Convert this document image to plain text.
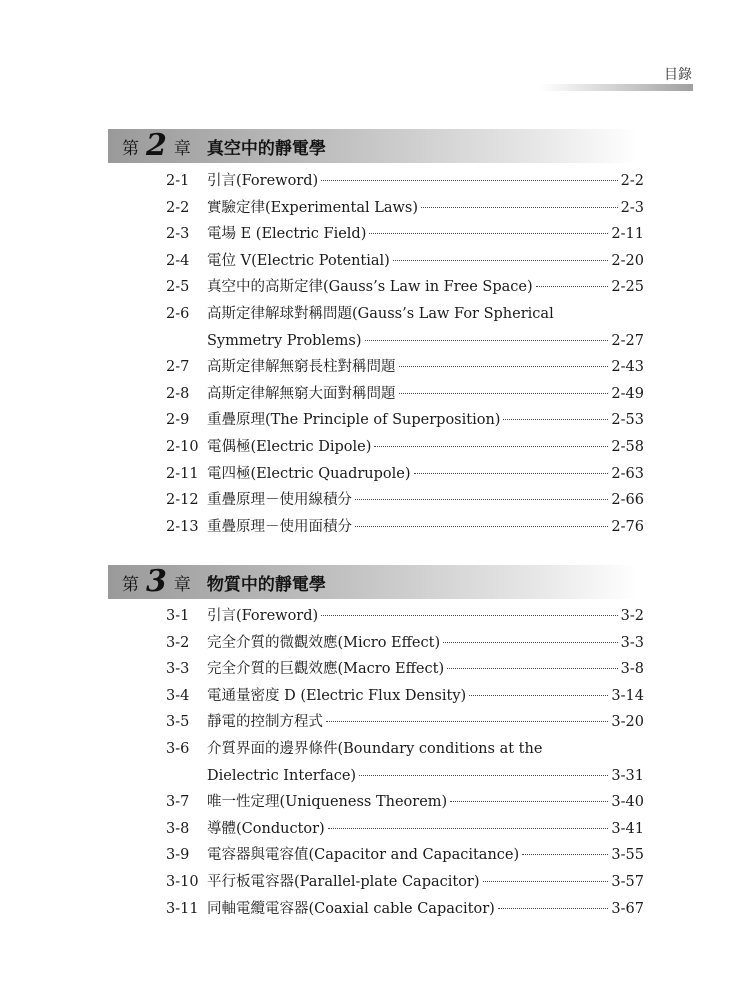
目錄
第 2 章 真空中的靜電學
2-1	引言(Foreword)	2-2
2-2	實驗定律(Experimental Laws)	2-3
2-3	電場 E (Electric Field)	2-11
2-4	電位 V(Electric Potential)	2-20
2-5	真空中的高斯定律(Gauss’s Law in Free Space)	2-25
2-6	高斯定律解球對稱問題(Gauss’s Law For Spherical
Symmetry Problems)	2-27
2-7	高斯定律解無窮長柱對稱問題	2-43
2-8	高斯定律解無窮大面對稱問題	2-49
2-9	重疊原理(The Principle of Superposition)	2-53
2-10 電偶極(Electric Dipole)	2-58
2-11 電四極(Electric Quadrupole)	2-63
2-12 重疊原理－使用線積分	2-66
2-13 重疊原理－使用面積分	2-76
第 3 章 物質中的靜電學
3-1	引言(Foreword)	3-2
3-2	完全介質的微觀效應(Micro Effect)	3-3
3-3	完全介質的巨觀效應(Macro Effect)	3-8
3-4	電通量密度 D (Electric Flux Density)	3-14
3-5	靜電的控制方程式	3-20
3-6	介質界面的邊界條件(Boundary conditions at the
Dielectric Interface)	3-31
3-7	唯一性定理(Uniqueness Theorem)	3-40
3-8	導體(Conductor)	3-41
3-9	電容器與電容值(Capacitor and Capacitance)	3-55
3-10 平行板電容器(Parallel-plate Capacitor)	3-57
3-11 同軸電纜電容器(Coaxial cable Capacitor)	3-67
